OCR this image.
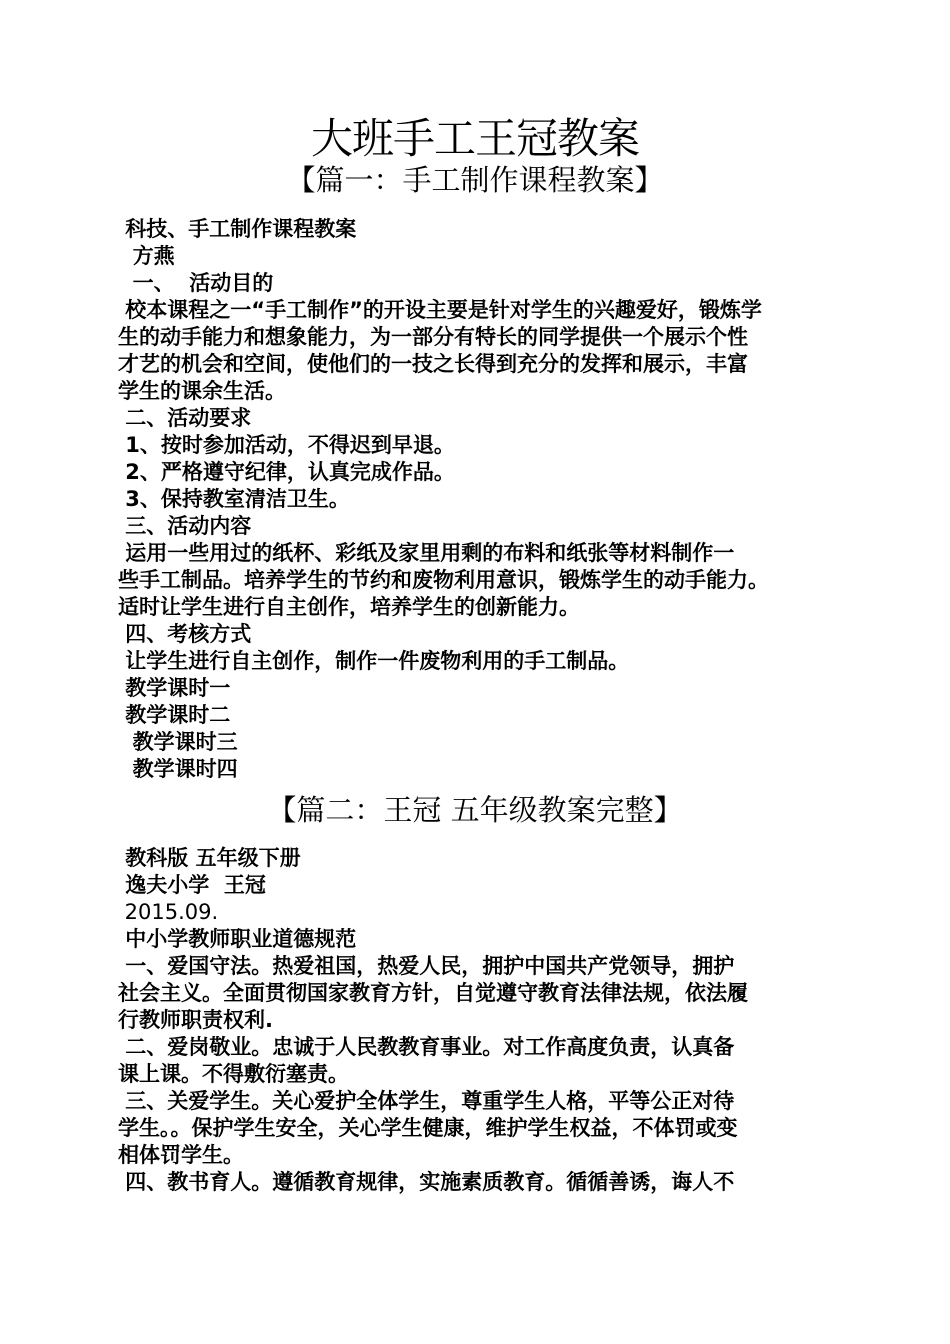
大班手工王冠教案
【篇一：手工制作课程教案】

科技、手工制作课程教案

方燕

一、  活动目的

校本课程之一“手工制作”的开设主要是针对学生的兴趣爱好，锻炼学

生的动手能力和想象能力，为一部分有特长的同学提供一个展示个性

才艺的机会和空间，使他们的一技之长得到充分的发挥和展示，丰富

学生的课余生活。

二、活动要求

1、按时参加活动，不得迟到早退。

2、严格遵守纪律，认真完成作品。

3、保持教室清洁卫生。

三、活动内容

运用一些用过的纸杯、彩纸及家里用剩的布料和纸张等材料制作一

些手工制品。培养学生的节约和废物利用意识，锻炼学生的动手能力。

适时让学生进行自主创作，培养学生的创新能力。

四、考核方式

让学生进行自主创作，制作一件废物利用的手工制品。

教学课时一

教学课时二

教学课时三

教学课时四

【篇二：王冠 五年级教案完整】

教科版 五年级下册

逸夫小学  王冠

2015.09.

中小学教师职业道德规范

一、爱国守法。热爱祖国，热爱人民，拥护中国共产党领导，拥护

社会主义。全面贯彻国家教育方针，自觉遵守教育法律法规，依法履

行教师职责权利.

二、爱岗敬业。忠诚于人民教教育事业。对工作高度负责，认真备

课上课。不得敷衍塞责。

三、关爱学生。关心爱护全体学生，尊重学生人格，平等公正对待

学生。。保护学生安全，关心学生健康，维护学生权益，不体罚或变

相体罚学生。

四、教书育人。遵循教育规律，实施素质教育。循循善诱，诲人不
